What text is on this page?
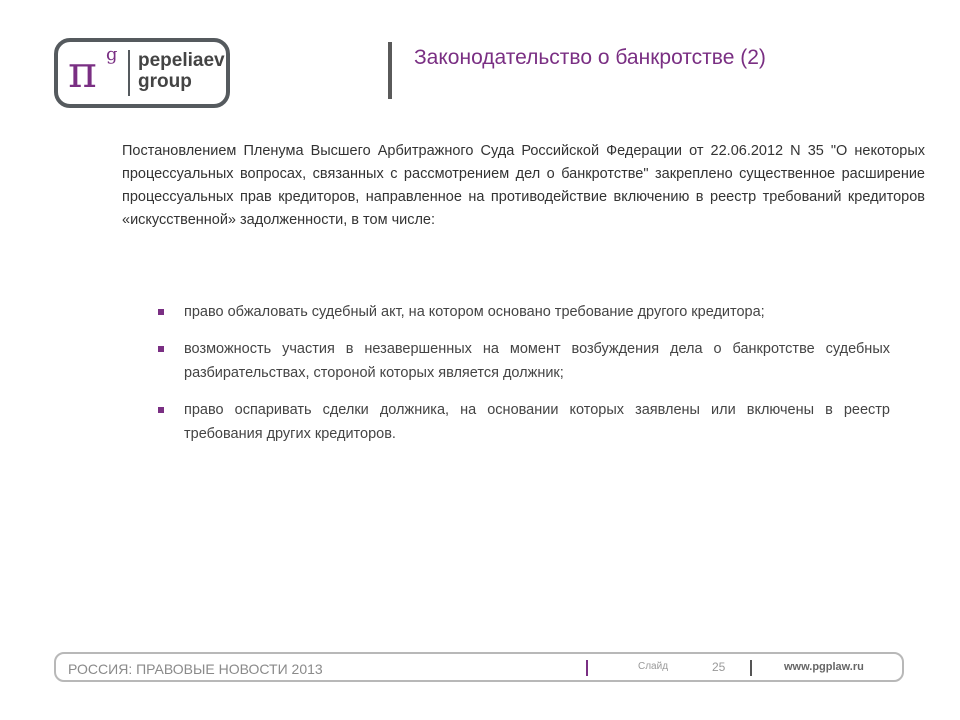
π g pepeliaev
group
Законодательство о банкротстве (2)
Постановлением Пленума Высшего Арбитражного Суда Российской Федерации от 22.06.2012 N 35 "О некоторых процессуальных вопросах, связанных с рассмотрением дел о банкротстве" закреплено существенное расширение процессуальных прав кредиторов, направленное на противодействие включению в реестр требований кредиторов «искусственной» задолженности, в том числе:
право обжаловать судебный акт, на котором основано требование другого кредитора;
возможность участия в незавершенных на момент возбуждения дела о банкротстве судебных разбирательствах, стороной которых является должник;
право оспаривать сделки должника, на основании которых заявлены или включены в реестр требования других кредиторов.
РОССИЯ: ПРАВОВЫЕ НОВОСТИ 2013	Слайд	25	www.pgplaw.ru
